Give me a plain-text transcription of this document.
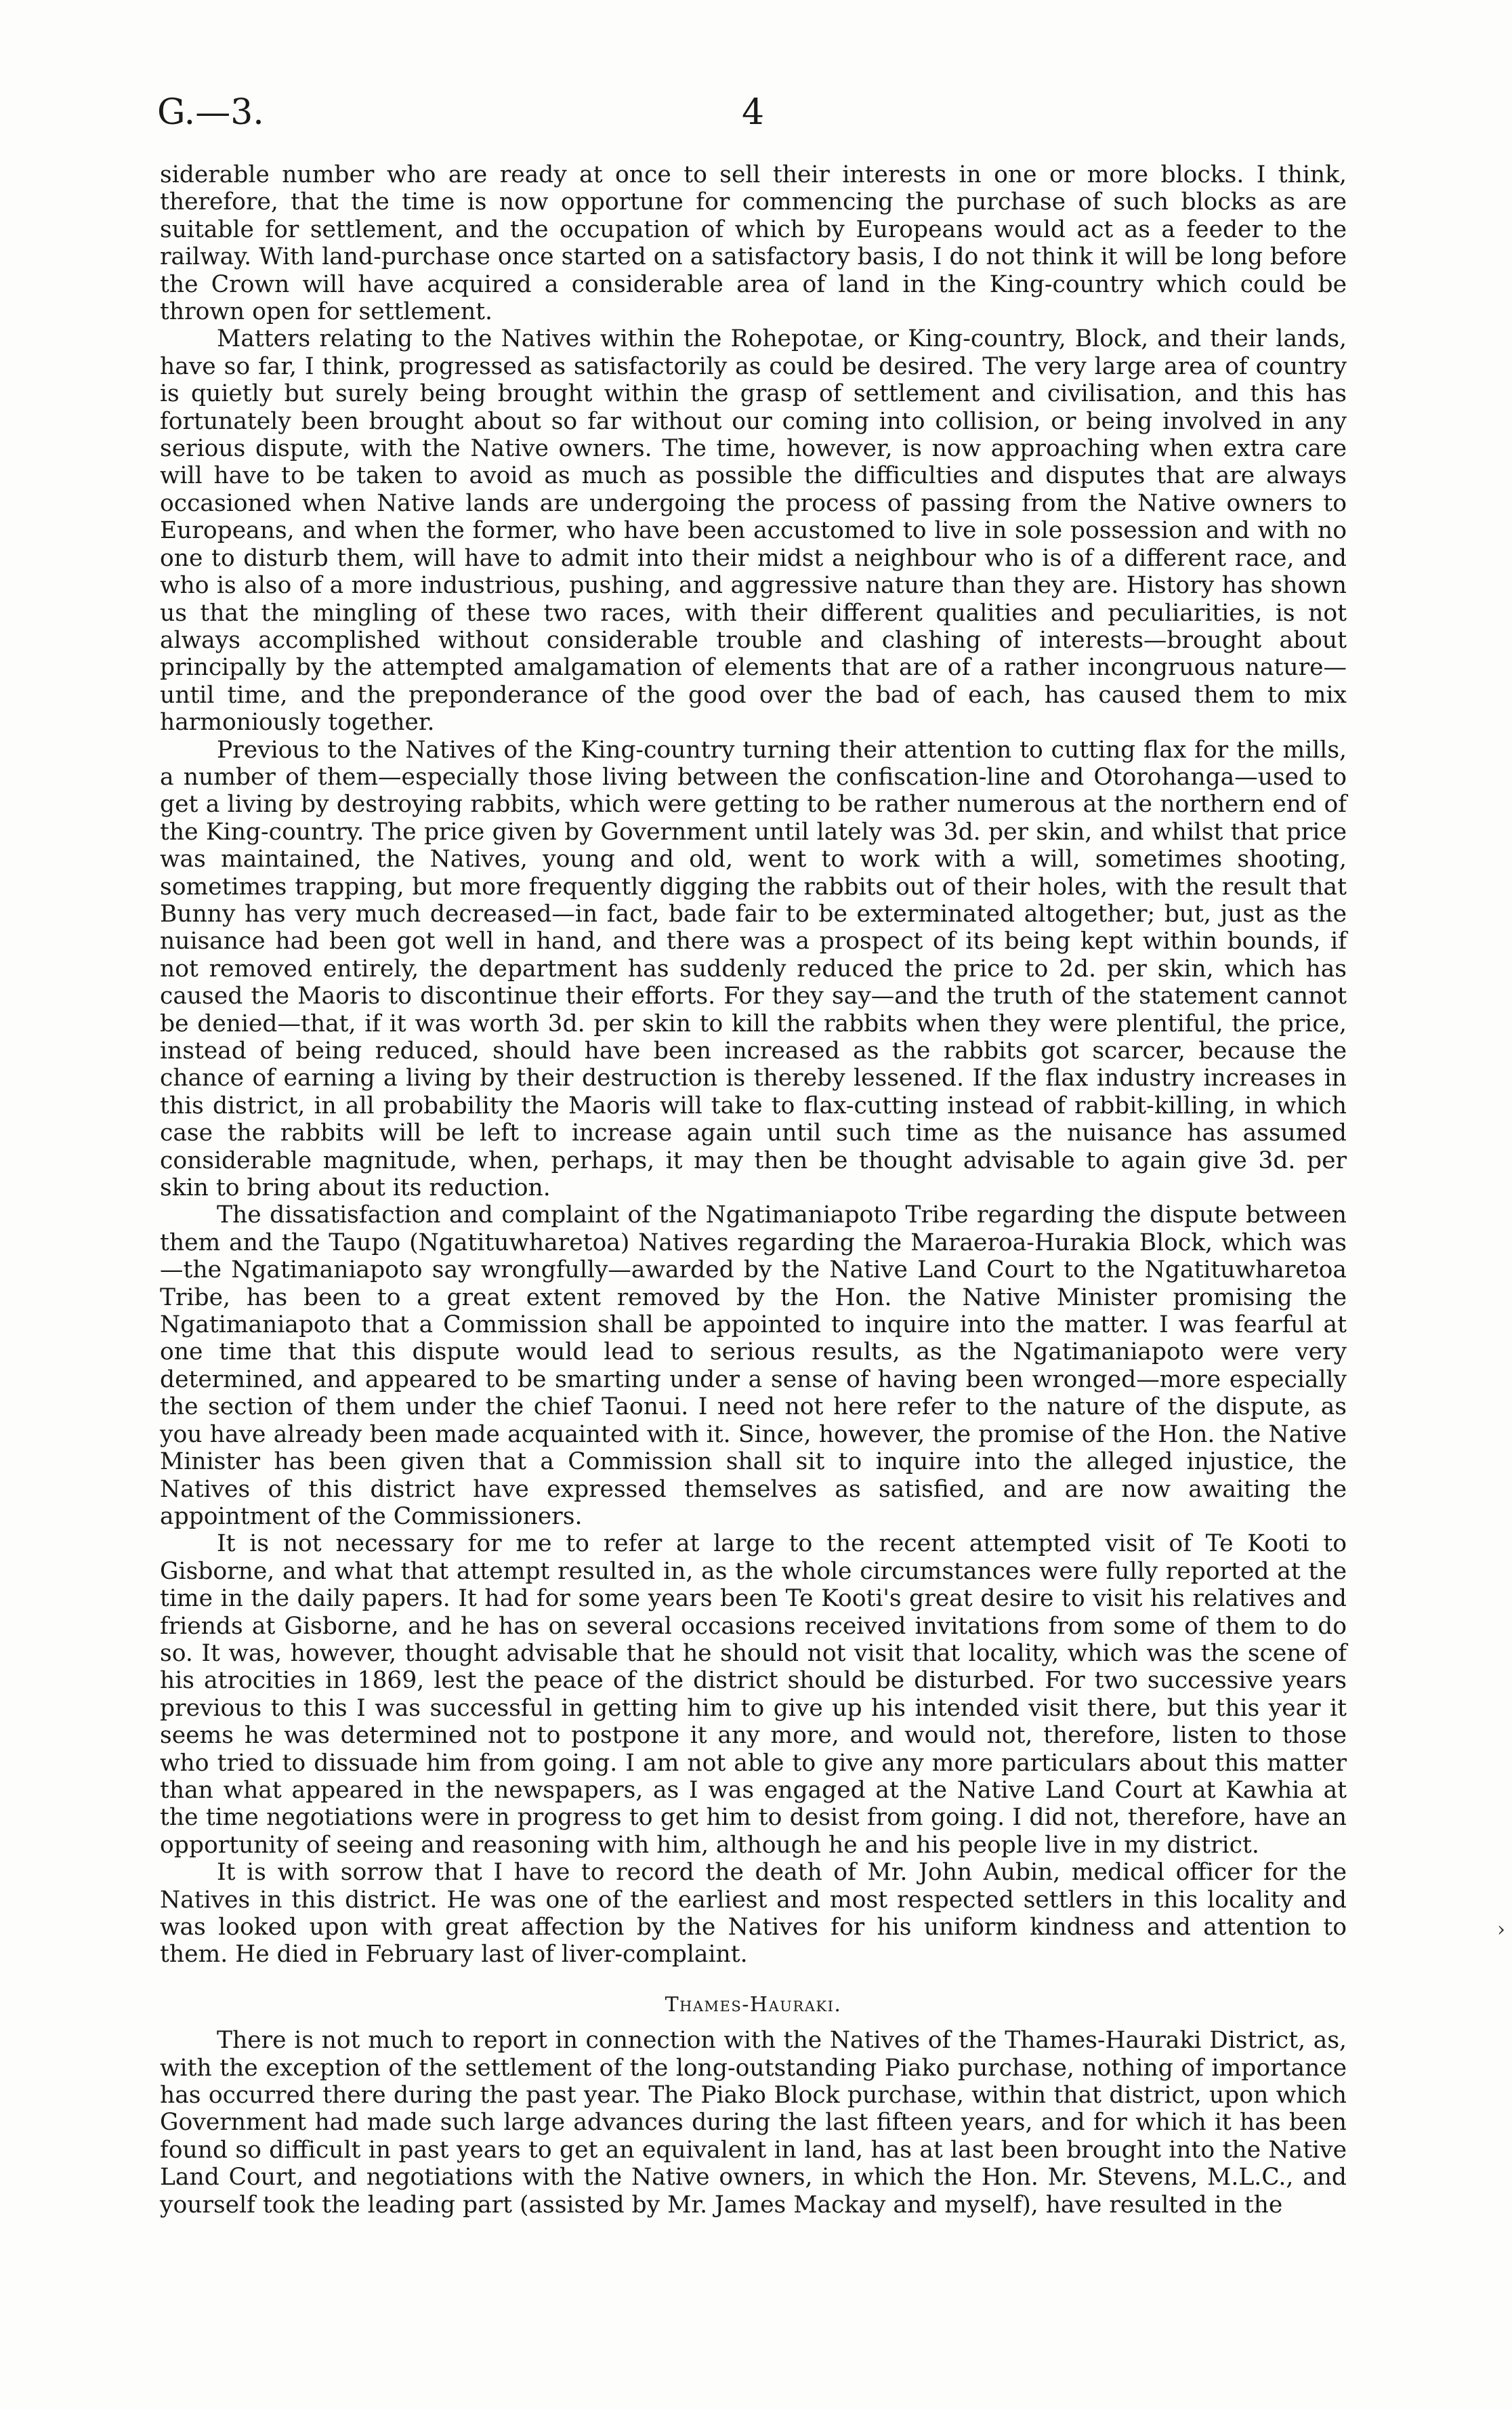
G.—3.	4

siderable number who are ready at once to sell their interests in one or more blocks. I think, therefore, that the time is now opportune for commencing the purchase of such blocks as are suitable for settlement, and the occupation of which by Europeans would act as a feeder to the railway. With land-purchase once started on a satisfactory basis, I do not think it will be long before the Crown will have acquired a considerable area of land in the King-country which could be thrown open for settlement.

Matters relating to the Natives within the Rohepotae, or King-country, Block, and their lands, have so far, I think, progressed as satisfactorily as could be desired. The very large area of country is quietly but surely being brought within the grasp of settlement and civilisation, and this has fortunately been brought about so far without our coming into collision, or being involved in any serious dispute, with the Native owners. The time, however, is now approaching when extra care will have to be taken to avoid as much as possible the difficulties and disputes that are always occasioned when Native lands are undergoing the process of passing from the Native owners to Europeans, and when the former, who have been accustomed to live in sole possession and with no one to disturb them, will have to admit into their midst a neighbour who is of a different race, and who is also of a more industrious, pushing, and aggressive nature than they are. History has shown us that the mingling of these two races, with their different qualities and peculiarities, is not always accomplished without considerable trouble and clashing of interests—brought about principally by the attempted amalgamation of elements that are of a rather incongruous nature—until time, and the preponderance of the good over the bad of each, has caused them to mix harmoniously together.

Previous to the Natives of the King-country turning their attention to cutting flax for the mills, a number of them—especially those living between the confiscation-line and Otorohanga—used to get a living by destroying rabbits, which were getting to be rather numerous at the northern end of the King-country. The price given by Government until lately was 3d. per skin, and whilst that price was maintained, the Natives, young and old, went to work with a will, sometimes shooting, sometimes trapping, but more frequently digging the rabbits out of their holes, with the result that Bunny has very much decreased—in fact, bade fair to be exterminated altogether; but, just as the nuisance had been got well in hand, and there was a prospect of its being kept within bounds, if not removed entirely, the department has suddenly reduced the price to 2d. per skin, which has caused the Maoris to discontinue their efforts. For they say—and the truth of the statement cannot be denied—that, if it was worth 3d. per skin to kill the rabbits when they were plentiful, the price, instead of being reduced, should have been increased as the rabbits got scarcer, because the chance of earning a living by their destruction is thereby lessened. If the flax industry increases in this district, in all probability the Maoris will take to flax-cutting instead of rabbit-killing, in which case the rabbits will be left to increase again until such time as the nuisance has assumed considerable magnitude, when, perhaps, it may then be thought advisable to again give 3d. per skin to bring about its reduction.

The dissatisfaction and complaint of the Ngatimaniapoto Tribe regarding the dispute between them and the Taupo (Ngatituwharetoa) Natives regarding the Maraeroa-Hurakia Block, which was —the Ngatimaniapoto say wrongfully—awarded by the Native Land Court to the Ngatituwharetoa Tribe, has been to a great extent removed by the Hon. the Native Minister promising the Ngatimaniapoto that a Commission shall be appointed to inquire into the matter. I was fearful at one time that this dispute would lead to serious results, as the Ngatimaniapoto were very determined, and appeared to be smarting under a sense of having been wronged—more especially the section of them under the chief Taonui. I need not here refer to the nature of the dispute, as you have already been made acquainted with it. Since, however, the promise of the Hon. the Native Minister has been given that a Commission shall sit to inquire into the alleged injustice, the Natives of this district have expressed themselves as satisfied, and are now awaiting the appointment of the Commissioners.

It is not necessary for me to refer at large to the recent attempted visit of Te Kooti to Gisborne, and what that attempt resulted in, as the whole circumstances were fully reported at the time in the daily papers. It had for some years been Te Kooti's great desire to visit his relatives and friends at Gisborne, and he has on several occasions received invitations from some of them to do so. It was, however, thought advisable that he should not visit that locality, which was the scene of his atrocities in 1869, lest the peace of the district should be disturbed. For two successive years previous to this I was successful in getting him to give up his intended visit there, but this year it seems he was determined not to postpone it any more, and would not, therefore, listen to those who tried to dissuade him from going. I am not able to give any more particulars about this matter than what appeared in the newspapers, as I was engaged at the Native Land Court at Kawhia at the time negotiations were in progress to get him to desist from going. I did not, therefore, have an opportunity of seeing and reasoning with him, although he and his people live in my district.

It is with sorrow that I have to record the death of Mr. John Aubin, medical officer for the Natives in this district. He was one of the earliest and most respected settlers in this locality and was looked upon with great affection by the Natives for his uniform kindness and attention to them. He died in February last of liver-complaint.

Thames-Hauraki.

There is not much to report in connection with the Natives of the Thames-Hauraki District, as, with the exception of the settlement of the long-outstanding Piako purchase, nothing of importance has occurred there during the past year. The Piako Block purchase, within that district, upon which Government had made such large advances during the last fifteen years, and for which it has been found so difficult in past years to get an equivalent in land, has at last been brought into the Native Land Court, and negotiations with the Native owners, in which the Hon. Mr. Stevens, M.L.C., and yourself took the leading part (assisted by Mr. James Mackay and myself), have resulted in the

›
